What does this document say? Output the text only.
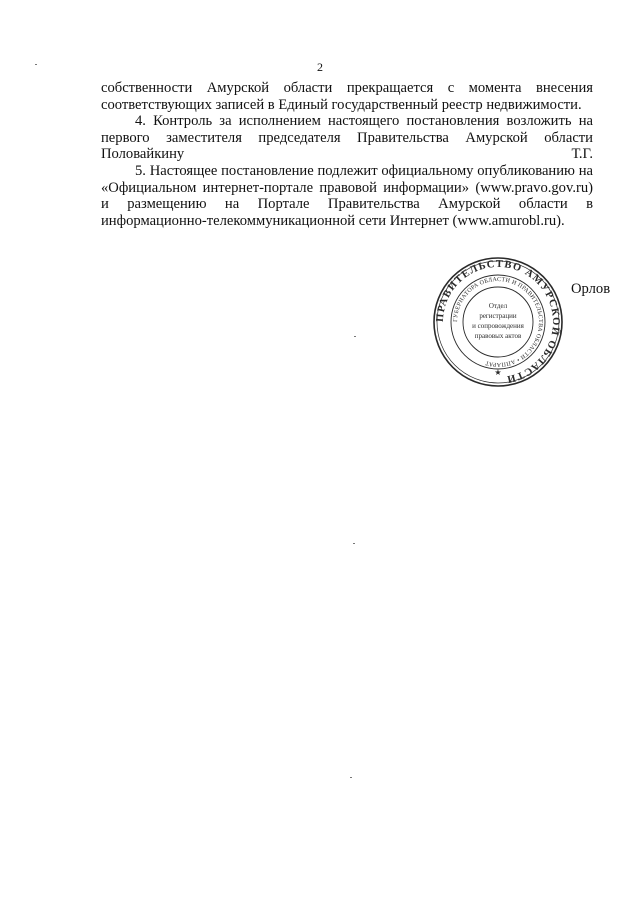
2

собственности Амурской области прекращается с момента внесения соответствующих записей в Единый государственный реестр недвижимости.

4. Контроль за исполнением настоящего постановления возложить на первого заместителя председателя Правительства Амурской области Половайкину Т.Г.

5. Настоящее постановление подлежит официальному опубликованию на «Официальном интернет-портале правовой информации» (www.pravo.gov.ru) и размещению на Портале Правительства Амурской области в информационно-телекоммуникационной сети Интернет (www.amurobl.ru).

ПРАВИТЕЛЬСТВО АМУРСКОЙ ОБЛАСТИ
ГУБЕРНАТОРА ОБЛАСТИ И ПРАВИТЕЛЬСТВА ОБЛАСТИ • АППАРАТ
Отдел
регистрации
и сопровождения
правовых актов
★
Орлов
